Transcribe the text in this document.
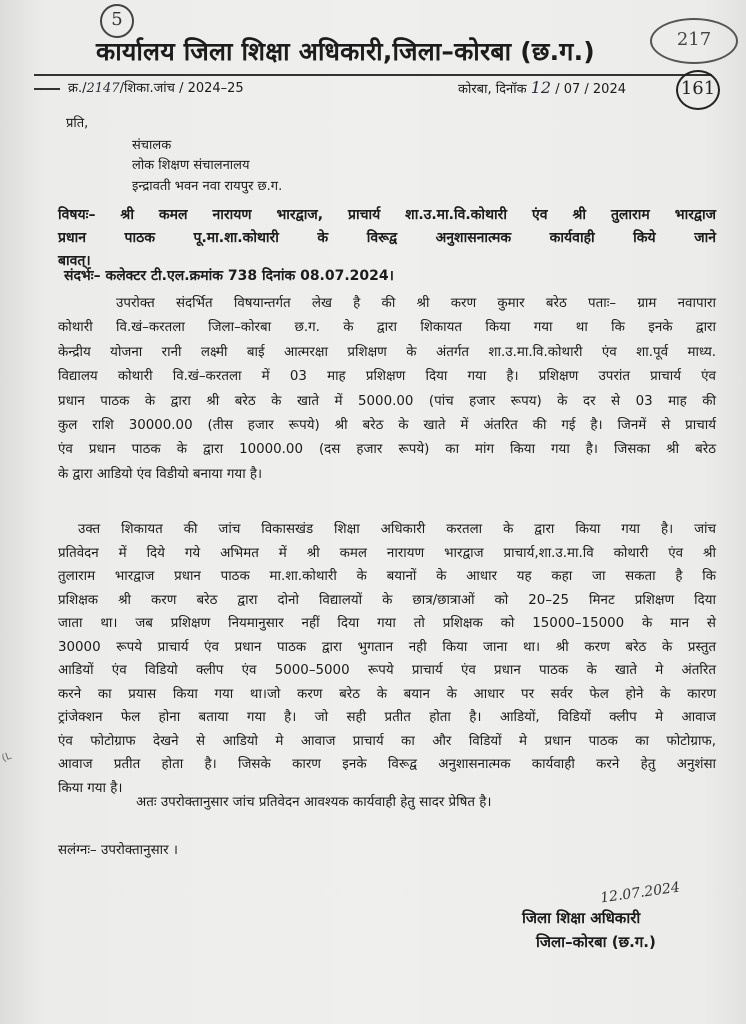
5
217
कार्यालय जिला शिक्षा अधिकारी,जिला–कोरबा (छ.ग.)
क्र./2147/शिका.जांच / 2024–25	कोरबा, दिनॉक 12 / 07 / 2024	161
प्रति,
संचालक
लोक शिक्षण संचालनालय
इन्द्रावती भवन नवा रायपुर छ.ग.
विषयः– श्री कमल नारायण भारद्वाज, प्राचार्य शा.उ.मा.वि.कोथारी एंव श्री तुलाराम भारद्वाज
प्रधान पाठक पू.मा.शा.कोथारी के विरूद्व अनुशासनात्मक कार्यवाही किये जाने
बावत्।
संदर्भः– कलेक्टर टी.एल.क्रमांक 738 दिनांक 08.07.2024।
उपरोक्त संदर्भित विषयान्तर्गत लेख है की श्री करण कुमार बरेठ पताः– ग्राम नवापारा
कोथारी वि.खं–करतला जिला–कोरबा छ.ग. के द्वारा शिकायत किया गया था कि इनके द्वारा
केन्द्रीय योजना रानी लक्ष्मी बाई आत्मरक्षा प्रशिक्षण के अंतर्गत शा.उ.मा.वि.कोथारी एंव शा.पूर्व माध्य.
विद्यालय कोथारी वि.खं–करतला में 03 माह प्रशिक्षण दिया गया है। प्रशिक्षण उपरांत प्राचार्य एंव
प्रधान पाठक के द्वारा श्री बरेठ के खाते में 5000.00 (पांच हजार रूपय) के दर से 03 माह की
कुल राशि 30000.00 (तीस हजार रूपये) श्री बरेठ के खाते में अंतरित की गई है। जिनमें से प्राचार्य
एंव प्रधान पाठक के द्वारा 10000.00 (दस हजार रूपये) का मांग किया गया है। जिसका श्री बरेठ
के द्वारा आडियो एंव विडीयो बनाया गया है।
उक्त शिकायत की जांच विकासखंड शिक्षा अधिकारी करतला के द्वारा किया गया है। जांच
प्रतिवेदन में दिये गये अभिमत में श्री कमल नारायण भारद्वाज प्राचार्य,शा.उ.मा.वि कोथारी एंव श्री
तुलाराम भारद्वाज प्रधान पाठक मा.शा.कोथारी के बयानों के आधार यह कहा जा सकता है कि
प्रशिक्षक श्री करण बरेठ द्वारा दोनो विद्यालयों के छात्र/छात्राओं को 20–25 मिनट प्रशिक्षण दिया
जाता था। जब प्रशिक्षण नियमानुसार नहीं दिया गया तो प्रशिक्षक को 15000–15000 के मान से
30000 रूपये प्राचार्य एंव प्रधान पाठक द्वारा भुगतान नही किया जाना था। श्री करण बरेठ के प्रस्तुत
आडियों एंव विडियो क्लीप एंव 5000–5000 रूपये प्राचार्य एंव प्रधान पाठक के खाते मे अंतरित
करने का प्रयास किया गया था।जो करण बरेठ के बयान के आधार पर सर्वर फेल होने के कारण
ट्रांजेक्शन फेल होना बताया गया है। जो सही प्रतीत होता है। आडियों, विडियों क्लीप मे आवाज
एंव फोटोग्राफ देखने से आडियो मे आवाज प्राचार्य का और विडियों मे प्रधान पाठक का फोटोग्राफ,
आवाज प्रतीत होता है। जिसके कारण इनके विरूद्व अनुशासनात्मक कार्यवाही करने हेतु अनुशंसा
किया गया है।
(L
अतः उपरोक्तानुसार जांच प्रतिवेदन आवश्यक कार्यवाही हेतु सादर प्रेषित है।
सलंग्नः– उपरोक्तानुसार ।
12.07.2024
जिला शिक्षा अधिकारी
जिला–कोरबा (छ.ग.)
